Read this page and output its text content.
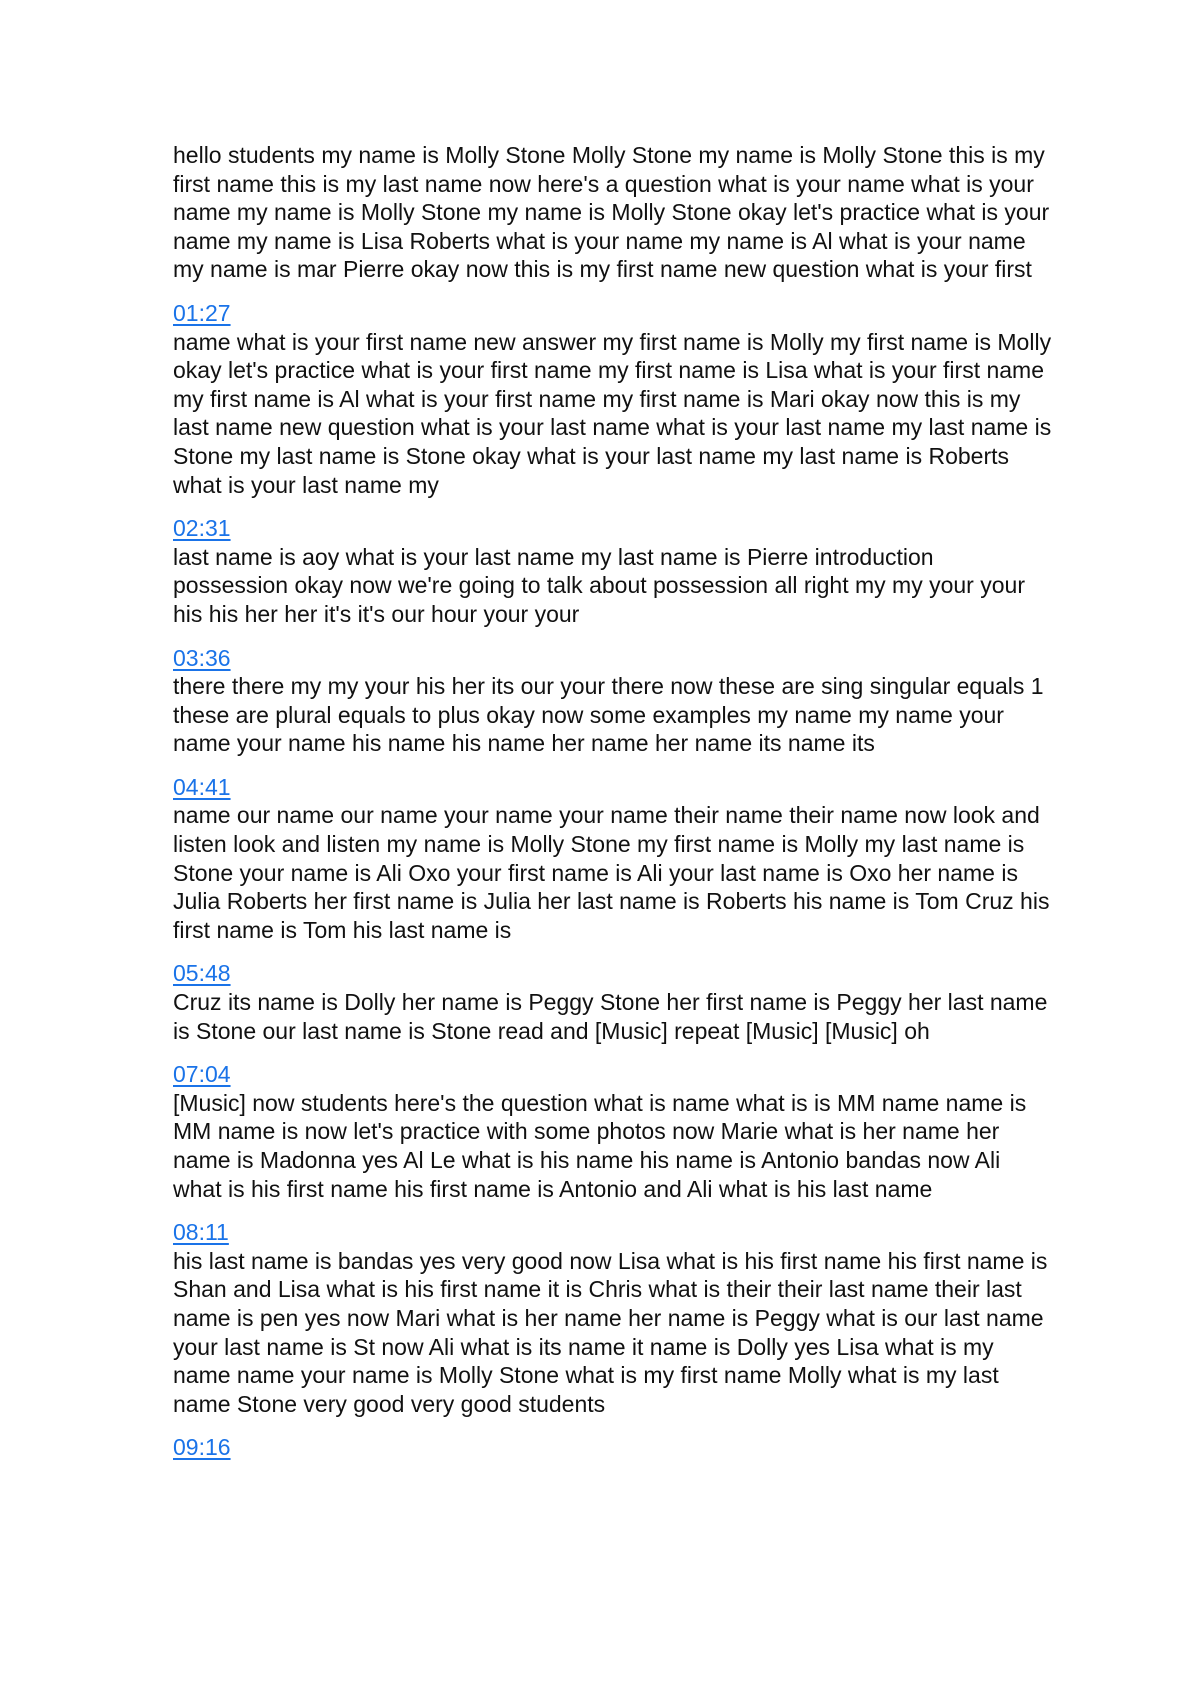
hello students my name is Molly Stone Molly Stone my name is Molly Stone this is my first name this is my last name now here's a question what is your name what is your name my name is Molly Stone my name is Molly Stone okay let's practice what is your name my name is Lisa Roberts what is your name my name is Al what is your name my name is mar Pierre okay now this is my first name new question what is your first
01:27
name what is your first name new answer my first name is Molly my first name is Molly okay let's practice what is your first name my first name is Lisa what is your first name my first name is Al what is your first name my first name is Mari okay now this is my last name new question what is your last name what is your last name my last name is Stone my last name is Stone okay what is your last name my last name is Roberts what is your last name my
02:31
last name is aoy what is your last name my last name is Pierre introduction possession okay now we're going to talk about possession all right my my your your his his her her it's it's our hour your your
03:36
there there my my your his her its our your there now these are sing singular equals 1 these are plural equals to plus okay now some examples my name my name your name your name his name his name her name her name its name its
04:41
name our name our name your name your name their name their name now look and listen look and listen my name is Molly Stone my first name is Molly my last name is Stone your name is Ali Oxo your first name is Ali your last name is Oxo her name is Julia Roberts her first name is Julia her last name is Roberts his name is Tom Cruz his first name is Tom his last name is
05:48
Cruz its name is Dolly her name is Peggy Stone her first name is Peggy her last name is Stone our last name is Stone read and [Music] repeat [Music] [Music] oh
07:04
[Music] now students here's the question what is name what is is MM name name is MM name is now let's practice with some photos now Marie what is her name her name is Madonna yes Al Le what is his name his name is Antonio bandas now Ali what is his first name his first name is Antonio and Ali what is his last name
08:11
his last name is bandas yes very good now Lisa what is his first name his first name is Shan and Lisa what is his first name it is Chris what is their their last name their last name is pen yes now Mari what is her name her name is Peggy what is our last name your last name is St now Ali what is its name it name is Dolly yes Lisa what is my name name your name is Molly Stone what is my first name Molly what is my last name Stone very good very good students
09:16
